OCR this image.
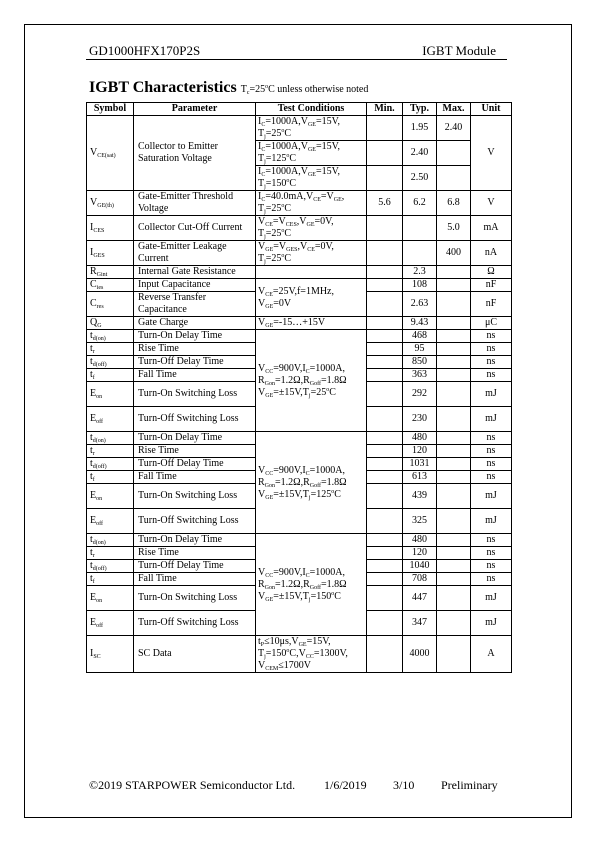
GD1000HFX170P2S	IGBT Module
IGBT Characteristics $T_c=25^oC$ unless otherwise noted
Symbol	Parameter	Test Conditions	Min.	Typ.	Max.	Unit
$V_{CE(sat)}$	Collector to Emitter Saturation Voltage	$I_C=1000A,V_{GE}=15V$, $T_j=25^oC$		1.95	2.40	V
		$I_C=1000A,V_{GE}=15V$, $T_j=125^oC$		2.40		
		$I_C=1000A,V_{GE}=15V$, $T_j=150^oC$		2.50		
$V_{GE(th)}$	Gate-Emitter Threshold Voltage	$I_C=40.0mA,V_{CE}=V_{GE}$, $T_j=25^oC$	5.6	6.2	6.8	V
$I_{CES}$	Collector Cut-Off Current	$V_{CE}=V_{CES},V_{GE}=0V$, $T_j=25^oC$			5.0	mA
$I_{GES}$	Gate-Emitter Leakage Current	$V_{GE}=V_{GES},V_{CE}=0V$, $T_j=25^oC$			400	nA
$R_{Gint}$	Internal Gate Resistance			2.3		Ω
$C_{ies}$	Input Capacitance	$V_{CE}=25V,f=1MHz$, $V_{GE}=0V$		108		nF
$C_{res}$	Reverse Transfer Capacitance			2.63		nF
$Q_G$	Gate Charge	$V_{GE}=-15\dots+15V$		9.43		μC
$t_{d(on)}$	Turn-On Delay Time	$V_{CC}=900V,I_C=1000A$, $R_{Gon}=1.2\Omega,R_{Goff}=1.8\Omega$ $V_{GE}=\pm 15V,T_j=25^oC$		468		ns
$t_r$	Rise Time			95		ns
$t_{d(off)}$	Turn-Off Delay Time			850		ns
$t_f$	Fall Time			363		ns
$E_{on}$	Turn-On Switching Loss			292		mJ
$E_{off}$	Turn-Off Switching Loss			230		mJ
$t_{d(on)}$	Turn-On Delay Time	$V_{CC}=900V,I_C=1000A$, $R_{Gon}=1.2\Omega,R_{Goff}=1.8\Omega$ $V_{GE}=\pm 15V,T_j=125^oC$		480		ns
$t_r$	Rise Time			120		ns
$t_{d(off)}$	Turn-Off Delay Time			1031		ns
$t_f$	Fall Time			613		ns
$E_{on}$	Turn-On Switching Loss			439		mJ
$E_{off}$	Turn-Off Switching Loss			325		mJ
$t_{d(on)}$	Turn-On Delay Time	$V_{CC}=900V,I_C=1000A$, $R_{Gon}=1.2\Omega,R_{Goff}=1.8\Omega$ $V_{GE}=\pm 15V,T_j=150^oC$		480		ns
$t_r$	Rise Time			120		ns
$t_{d(off)}$	Turn-Off Delay Time			1040		ns
$t_f$	Fall Time			708		ns
$E_{on}$	Turn-On Switching Loss			447		mJ
$E_{off}$	Turn-Off Switching Loss			347		mJ
$I_{SC}$	SC Data	$t_P\le 10\mu s,V_{GE}=15V$, $T_j=150^oC,V_{CC}=1300V$, $V_{CEM}\le 1700V$		4000		A
©2019 STARPOWER Semiconductor Ltd. 1/6/2019 3/10 Preliminary
